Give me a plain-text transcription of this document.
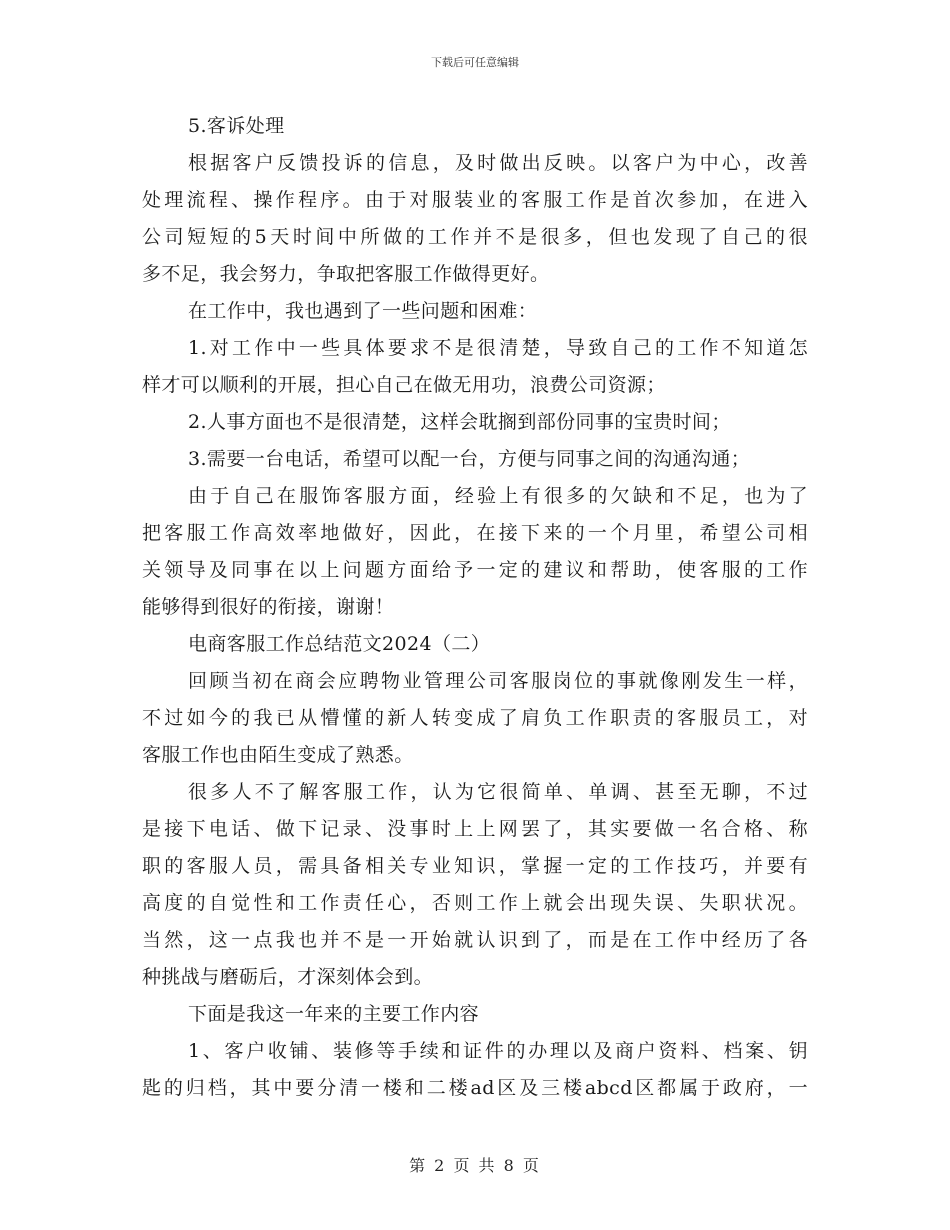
下载后可任意编辑
5.客诉处理
根据客户反馈投诉的信息，及时做出反映。以客户为中心，改善
处理流程、操作程序。由于对服装业的客服工作是首次参加，在进入
公司短短的5天时间中所做的工作并不是很多，但也发现了自己的很
多不足，我会努力，争取把客服工作做得更好。
在工作中，我也遇到了一些问题和困难：
1.对工作中一些具体要求不是很清楚，导致自己的工作不知道怎
样才可以顺利的开展，担心自己在做无用功，浪费公司资源；
2.人事方面也不是很清楚，这样会耽搁到部份同事的宝贵时间；
3.需要一台电话，希望可以配一台，方便与同事之间的沟通沟通；
由于自己在服饰客服方面，经验上有很多的欠缺和不足，也为了
把客服工作高效率地做好，因此，在接下来的一个月里，希望公司相
关领导及同事在以上问题方面给予一定的建议和帮助，使客服的工作
能够得到很好的衔接，谢谢！
电商客服工作总结范文2024（二）
回顾当初在商会应聘物业管理公司客服岗位的事就像刚发生一样，
不过如今的我已从懵懂的新人转变成了肩负工作职责的客服员工，对
客服工作也由陌生变成了熟悉。
很多人不了解客服工作，认为它很简单、单调、甚至无聊，不过
是接下电话、做下记录、没事时上上网罢了，其实要做一名合格、称
职的客服人员，需具备相关专业知识，掌握一定的工作技巧，并要有
高度的自觉性和工作责任心，否则工作上就会出现失误、失职状况。
当然，这一点我也并不是一开始就认识到了，而是在工作中经历了各
种挑战与磨砺后，才深刻体会到。
下面是我这一年来的主要工作内容
1、客户收铺、装修等手续和证件的办理以及商户资料、档案、钥
匙的归档，其中要分清一楼和二楼ad区及三楼abcd区都属于政府，一
第 2 页 共 8 页
